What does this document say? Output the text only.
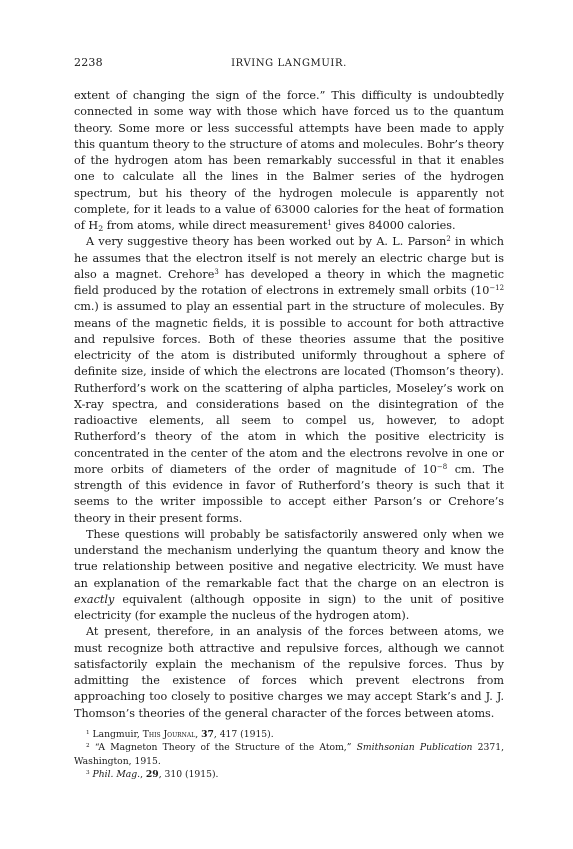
2238	IRVING LANGMUIR.

extent of changing the sign of the force.” This difficulty is undoubtedly connected in some way with those which have forced us to the quantum theory. Some more or less successful attempts have been made to apply this quantum theory to the structure of atoms and molecules. Bohr’s theory of the hydrogen atom has been remarkably successful in that it enables one to calculate all the lines in the Balmer series of the hydrogen spectrum, but his theory of the hydrogen molecule is apparently not complete, for it leads to a value of 63000 calories for the heat of formation of $H_2$ from atoms, while direct measurement$^1$ gives 84000 calories.

A very suggestive theory has been worked out by A. L. Parson$^2$ in which he assumes that the electron itself is not merely an electric charge but is also a magnet. Crehore$^3$ has developed a theory in which the magnetic field produced by the rotation of electrons in extremely small orbits ($10^{-12}$ cm.) is assumed to play an essential part in the structure of molecules. By means of the magnetic fields, it is possible to account for both attractive and repulsive forces. Both of these theories assume that the positive electricity of the atom is distributed uniformly throughout a sphere of definite size, inside of which the electrons are located (Thomson’s theory). Rutherford’s work on the scattering of alpha particles, Moseley’s work on X-ray spectra, and considerations based on the disintegration of the radioactive elements, all seem to compel us, however, to adopt Rutherford’s theory of the atom in which the positive electricity is concentrated in the center of the atom and the electrons revolve in one or more orbits of diameters of the order of magnitude of $10^{-8}$ cm. The strength of this evidence in favor of Rutherford’s theory is such that it seems to the writer impossible to accept either Parson’s or Crehore’s theory in their present forms.

These questions will probably be satisfactorily answered only when we understand the mechanism underlying the quantum theory and know the true relationship between positive and negative electricity. We must have an explanation of the remarkable fact that the charge on an electron is exactly equivalent (although opposite in sign) to the unit of positive electricity (for example the nucleus of the hydrogen atom).

At present, therefore, in an analysis of the forces between atoms, we must recognize both attractive and repulsive forces, although we cannot satisfactorily explain the mechanism of the repulsive forces. Thus by admitting the existence of forces which prevent electrons from approaching too closely to positive charges we may accept Stark’s and J. J. Thomson’s theories of the general character of the forces between atoms.

$^1$ Langmuir, This Journal, 37, 417 (1915).

$^2$ “A Magneton Theory of the Structure of the Atom,” Smithsonian Publication 2371, Washington, 1915.

$^3$ Phil. Mag., 29, 310 (1915).
